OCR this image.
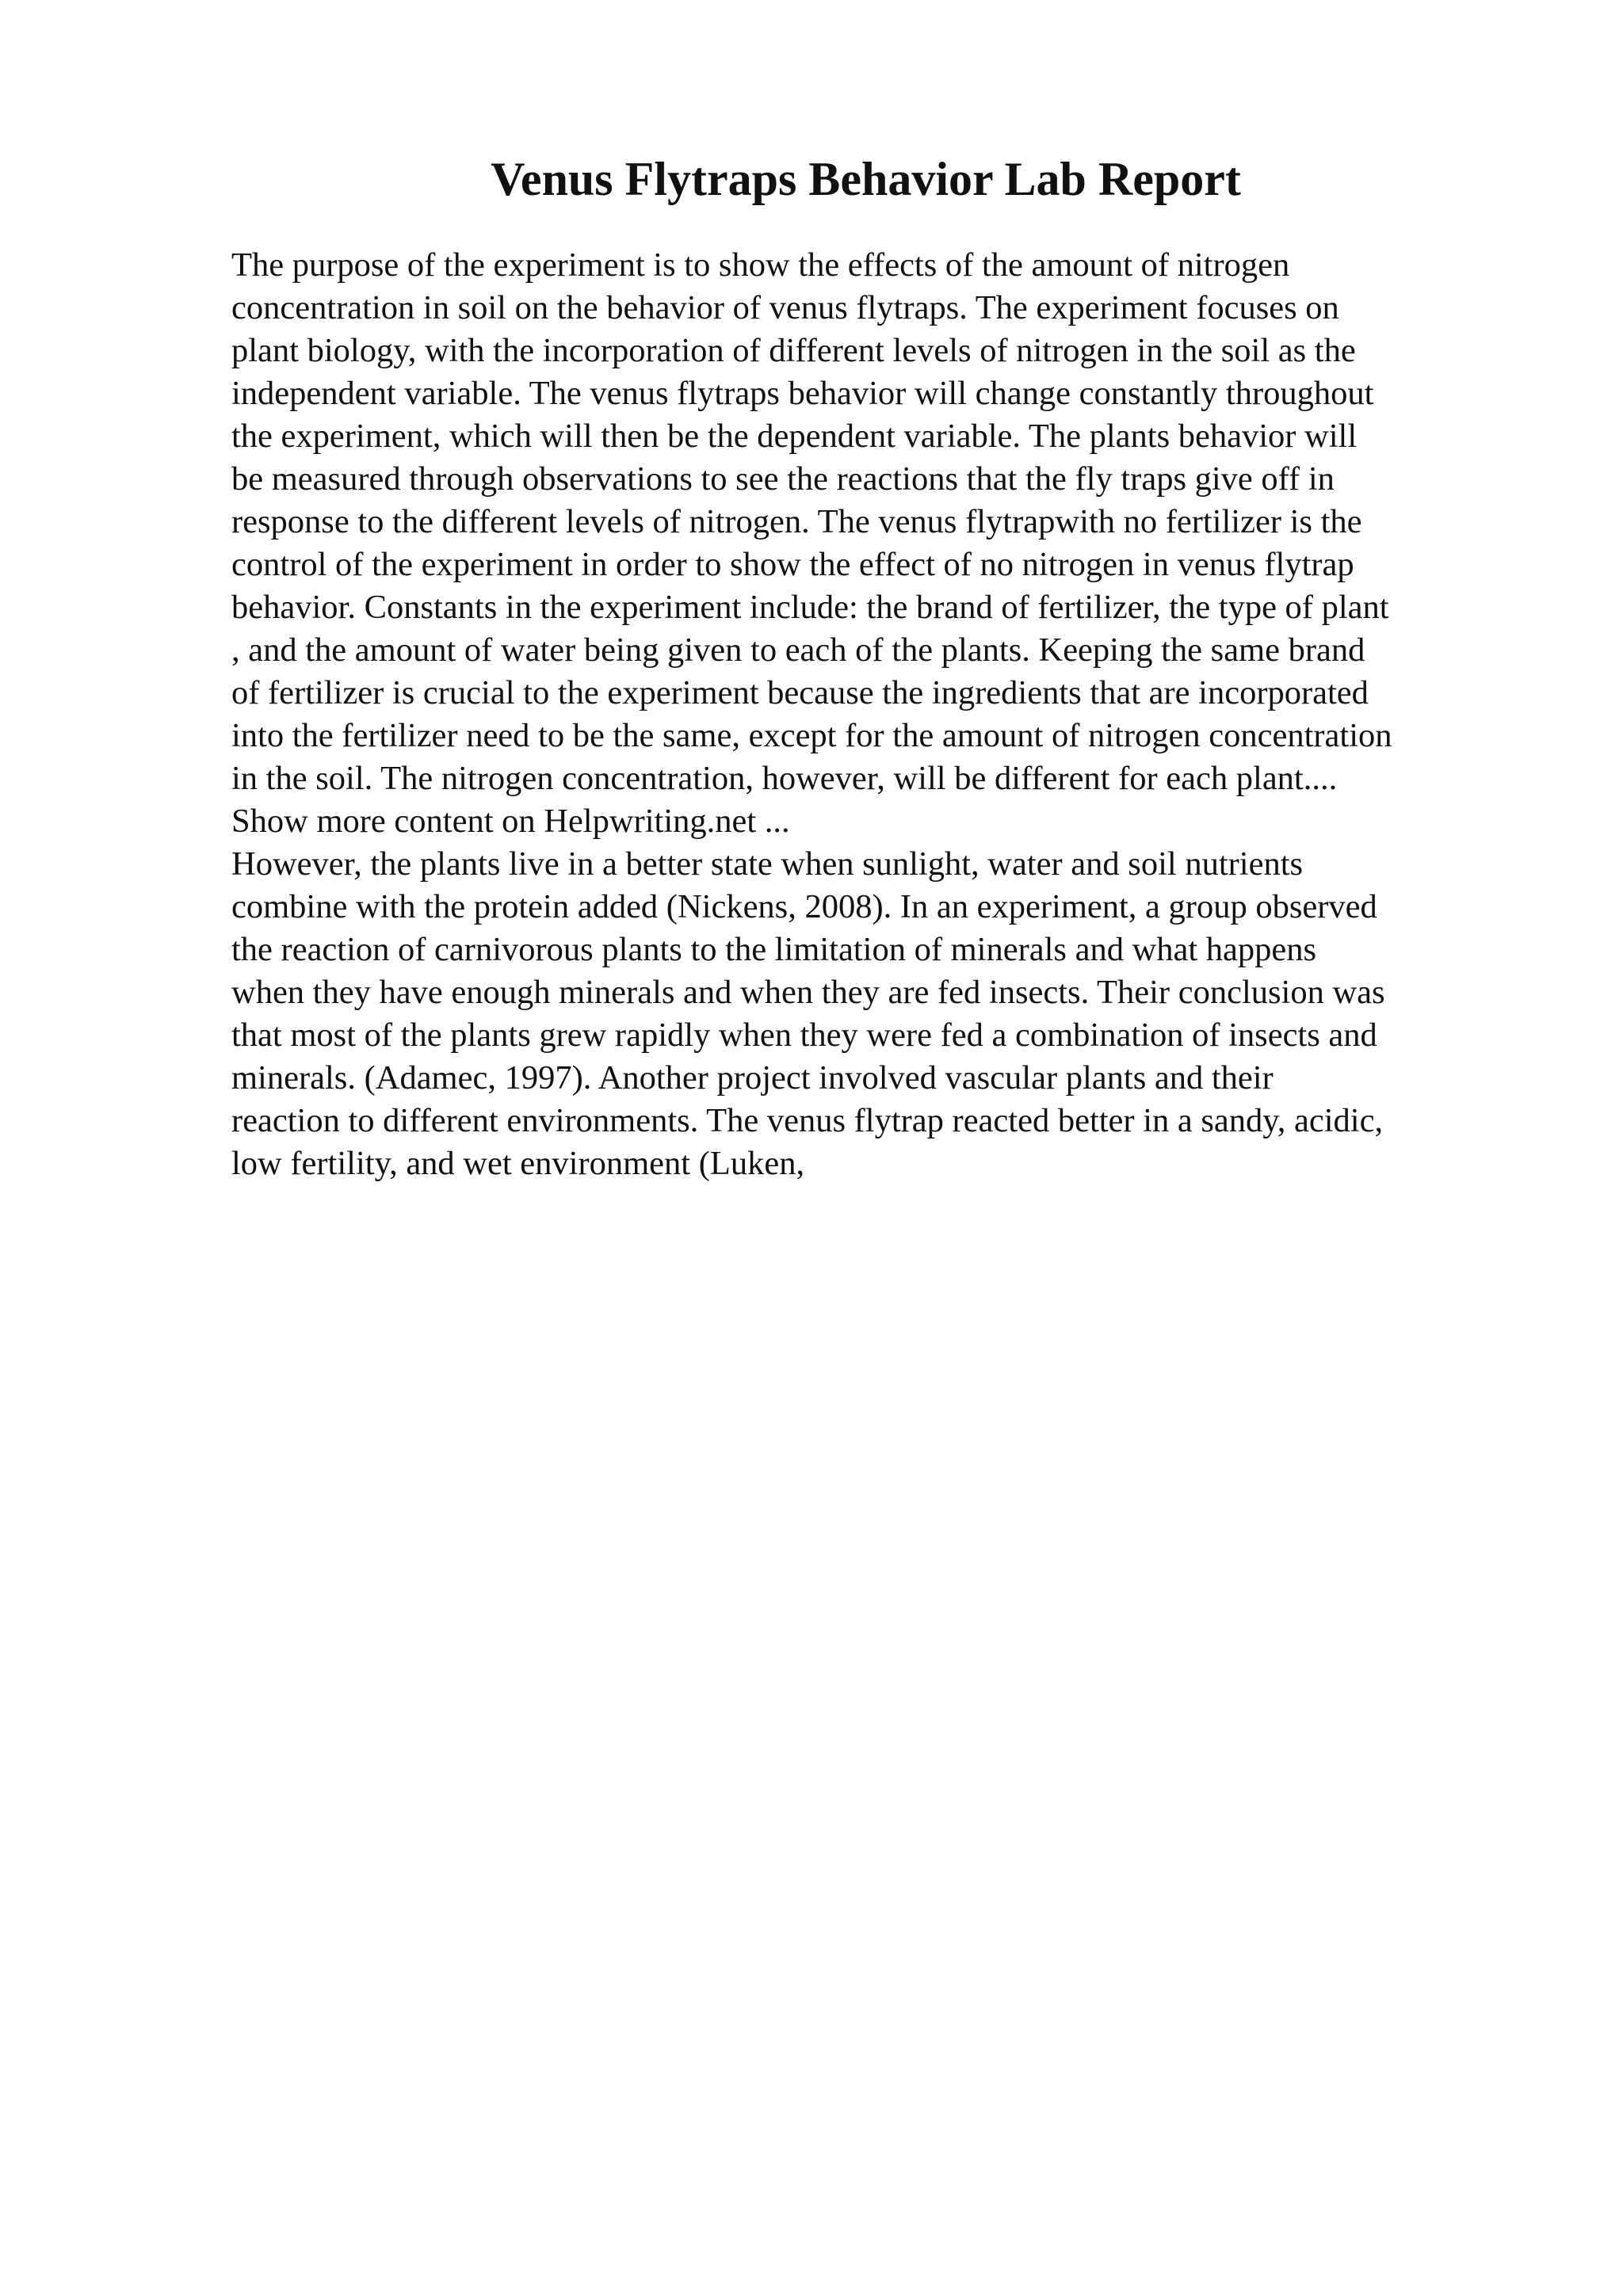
Venus Flytraps Behavior Lab Report

The purpose of the experiment is to show the effects of the amount of nitrogen

concentration in soil on the behavior of venus flytraps. The experiment focuses on

plant biology, with the incorporation of different levels of nitrogen in the soil as the

independent variable. The venus flytraps behavior will change constantly throughout

the experiment, which will then be the dependent variable. The plants behavior will

be measured through observations to see the reactions that the fly traps give off in

response to the different levels of nitrogen. The venus flytrapwith no fertilizer is the

control of the experiment in order to show the effect of no nitrogen in venus flytrap

behavior. Constants in the experiment include: the brand of fertilizer, the type of plant

, and the amount of water being given to each of the plants. Keeping the same brand

of fertilizer is crucial to the experiment because the ingredients that are incorporated

into the fertilizer need to be the same, except for the amount of nitrogen concentration

in the soil. The nitrogen concentration, however, will be different for each plant....

Show more content on Helpwriting.net ...

However, the plants live in a better state when sunlight, water and soil nutrients

combine with the protein added (Nickens, 2008). In an experiment, a group observed

the reaction of carnivorous plants to the limitation of minerals and what happens

when they have enough minerals and when they are fed insects. Their conclusion was

that most of the plants grew rapidly when they were fed a combination of insects and

minerals. (Adamec, 1997). Another project involved vascular plants and their

reaction to different environments. The venus flytrap reacted better in a sandy, acidic,

low fertility, and wet environment (Luken,
